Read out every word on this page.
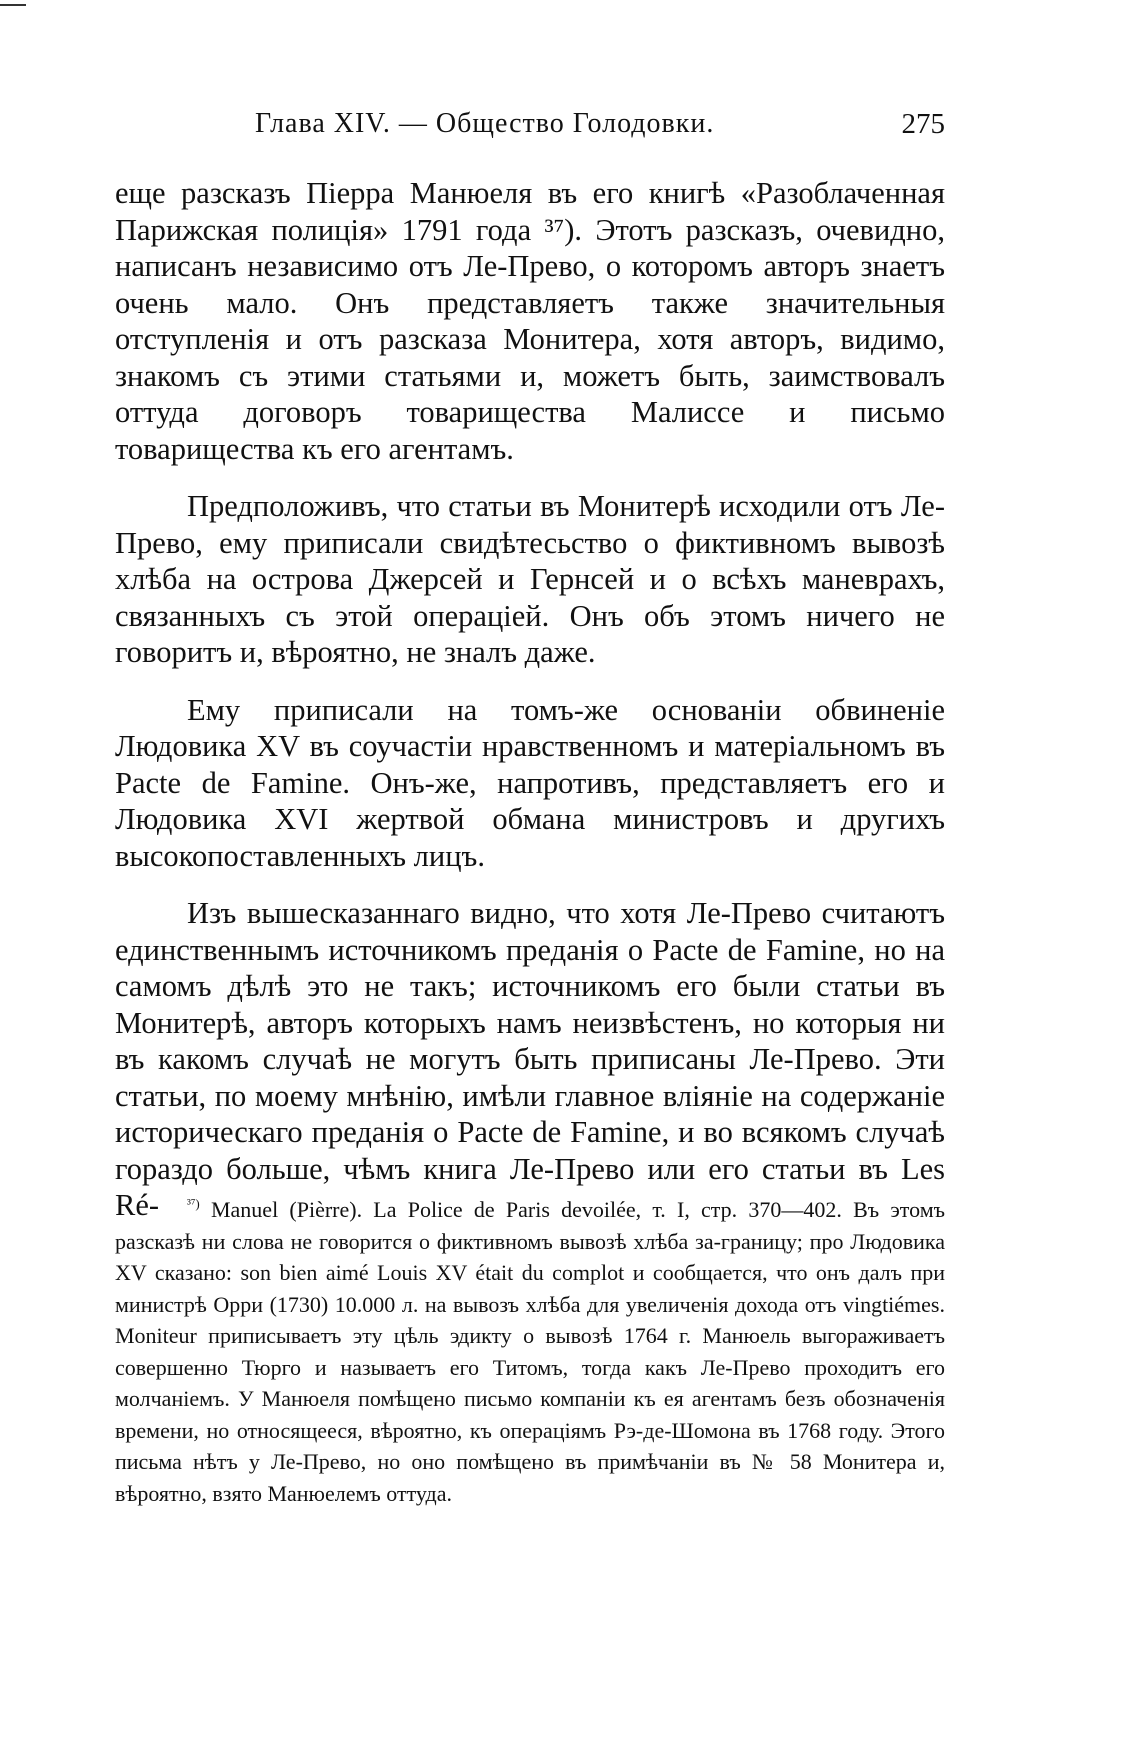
Глава XIV. — Общество Голодовки.	275

еще разсказъ Пiерра Манюеля въ его книгѣ «Разоблаченная Парижская полицiя» 1791 года ³⁷). Этотъ разсказъ, очевидно, написанъ независимо отъ Ле-Прево, о которомъ авторъ знаетъ очень мало. Онъ представляетъ также значительныя отступленiя и отъ разсказа Монитера, хотя авторъ, видимо, знакомъ съ этими статьями и, можетъ быть, заимствовалъ оттуда договоръ товарищества Малиссе и письмо товарищества къ его агентамъ.

Предположивъ, что статьи въ Монитерѣ исходили отъ Ле-Прево, ему приписали свидѣтесьство о фиктивномъ вывозѣ хлѣба на острова Джерсей и Гернсей и о всѣхъ маневрахъ, связанныхъ съ этой операцiей. Онъ объ этомъ ничего не говоритъ и, вѣроятно, не зналъ даже.

Ему приписали на томъ-же основанiи обвиненiе Людовика XV въ соучастiи нравственномъ и матерiальномъ въ Pacte de Famine. Онъ-же, напротивъ, представляетъ его и Людовика XVI жертвой обмана министровъ и другихъ высокопоставленныхъ лицъ.

Изъ вышесказаннаго видно, что хотя Ле-Прево считаютъ единственнымъ источникомъ преданiя о Pacte de Famine, но на самомъ дѣлѣ это не такъ; источникомъ его были статьи въ Монитерѣ, авторъ которыхъ намъ неизвѣстенъ, но которыя ни въ какомъ случаѣ не могутъ быть приписаны Ле-Прево. Эти статьи, по моему мнѣнiю, имѣли главное влiянiе на содержанiе историческаго преданiя о Pacte de Famine, и во всякомъ случаѣ гораздо больше, чѣмъ книга Ле-Прево или его статьи въ Les Ré-	$^{^{37})}$ Manuel (Pièrre). La Police de Paris devoilée, т. I, стр. 370—402. Въ этомъ разсказѣ ни слова не говорится о фиктивномъ вывозѣ хлѣба за-границу; про Людовика XV сказано: son bien aimé Louis XV était du complot и сообщается, что онъ далъ при министрѣ Орри (1730) 10.000 л. на вывозъ хлѣба для увеличенiя дохода отъ vingtiémes. Moniteur приписываетъ эту цѣль эдикту о вывозѣ 1764 г. Манюель выгораживаетъ совершенно Тюрго и называетъ его Титомъ, тогда какъ Ле-Прево проходитъ его молчанiемъ. У Манюеля помѣщено письмо компанiи къ ея агентамъ безъ обозначенiя времени, но относящееся, вѣроятно, къ операцiямъ Рэ-де-Шомона въ 1768 году. Этого письма нѣтъ у Ле-Прево, но оно помѣщено въ примѣчанiи въ № 58 Монитера и, вѣроятно, взято Манюелемъ оттуда.
